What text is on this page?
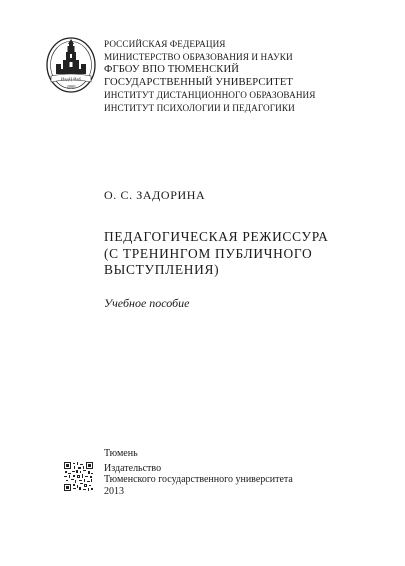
ИвдЦ Ияб
2000
РОССИЙСКАЯ ФЕДЕРАЦИЯ
МИНИСТЕРСТВО ОБРАЗОВАНИЯ И НАУКИ
ФГБОУ ВПО ТЮМЕНСКИЙ
ГОСУДАРСТВЕННЫЙ УНИВЕРСИТЕТ
ИНСТИТУТ ДИСТАНЦИОННОГО ОБРАЗОВАНИЯ
ИНСТИТУТ ПСИХОЛОГИИ И ПЕДАГОГИКИ
О. С. ЗАДОРИНА
ПЕДАГОГИЧЕСКАЯ РЕЖИССУРА
(С ТРЕНИНГОМ ПУБЛИЧНОГО
ВЫСТУПЛЕНИЯ)
Учебное пособие
Тюмень
Издательство
Тюменского государственного университета
2013
